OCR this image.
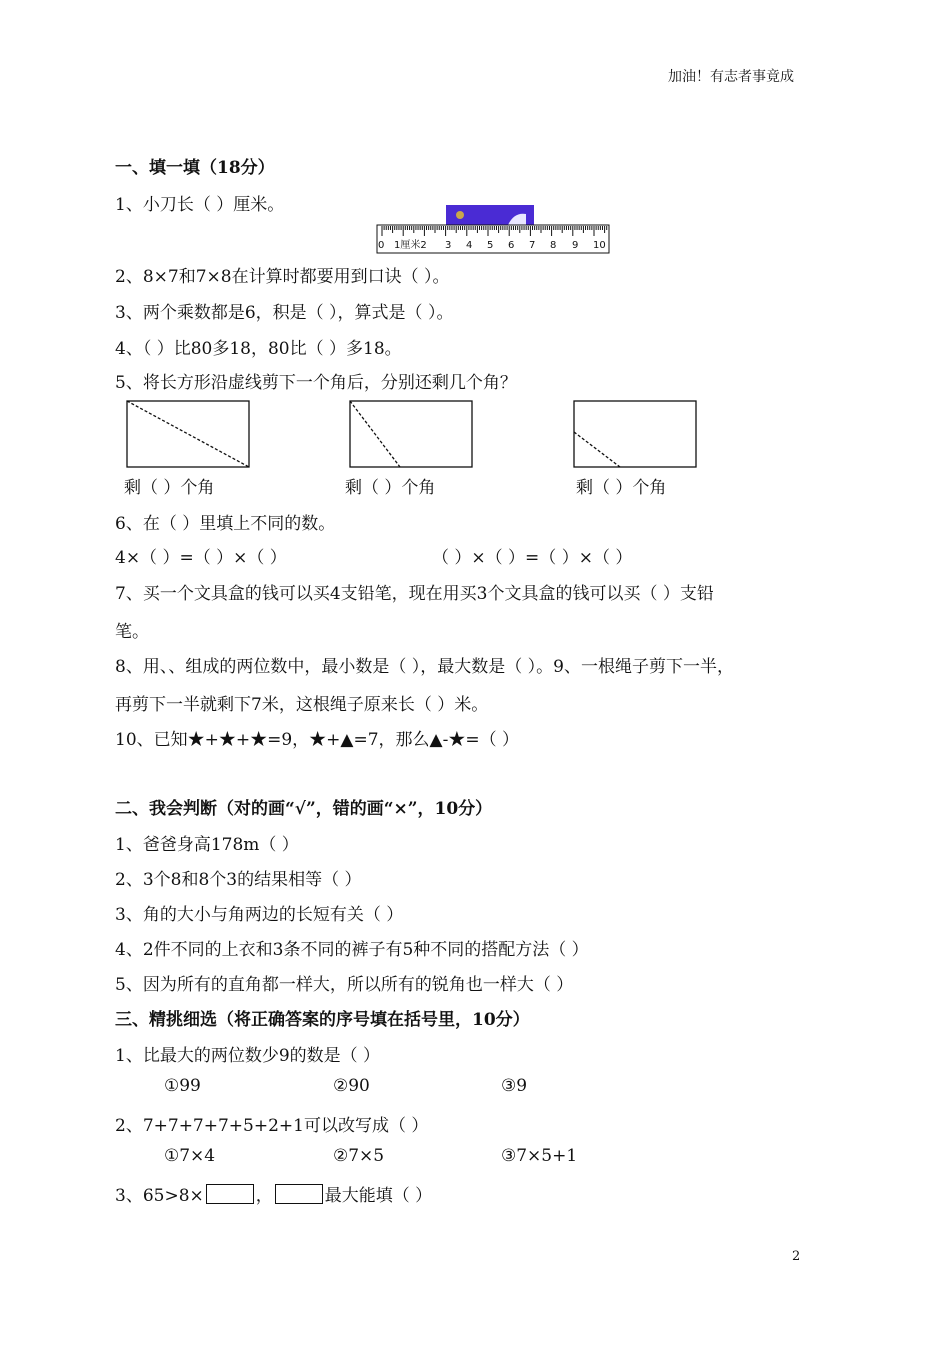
加油！有志者事竟成
一、填一填（18分）
1、小刀长（ ）厘米。
0 1厘米2 3 4 5 6 7 8 9 10
2、8×7和7×8在计算时都要用到口诀（ ）。
3、两个乘数都是6，积是（ ），算式是（ ）。
4、（ ）比80多18，80比（ ）多18。
5、将长方形沿虚线剪下一个角后，分别还剩几个角？
剩（ ）个角	剩（ ）个角	剩（ ）个角
6、在（ ）里填上不同的数。
4×（ ）=（ ）×（ ）	（ ）×（ ）=（ ）×（ ）
7、买一个文具盒的钱可以买4支铅笔，现在用买3个文具盒的钱可以买（ ）支铅
笔。
8、用、、组成的两位数中，最小数是（ ），最大数是（ ）。9、一根绳子剪下一半，
再剪下一半就剩下7米，这根绳子原来长（ ）米。
10、已知★+★+★=9，★+▲=7，那么▲-★=（ ）
二、我会判断（对的画“√”，错的画“×”，10分）
1、爸爸身高178m（ ）
2、3个8和8个3的结果相等（ ）
3、角的大小与角两边的长短有关（ ）
4、2件不同的上衣和3条不同的裤子有5种不同的搭配方法（ ）
5、因为所有的直角都一样大，所以所有的锐角也一样大（ ）
三、精挑细选（将正确答案的序号填在括号里，10分）
1、比最大的两位数少9的数是（ ）
①99	②90	③9
2、7+7+7+7+5+2+1可以改写成（ ）
①7×4	②7×5	③7×5+1
3、65>8×	，	最大能填（ ）
2
